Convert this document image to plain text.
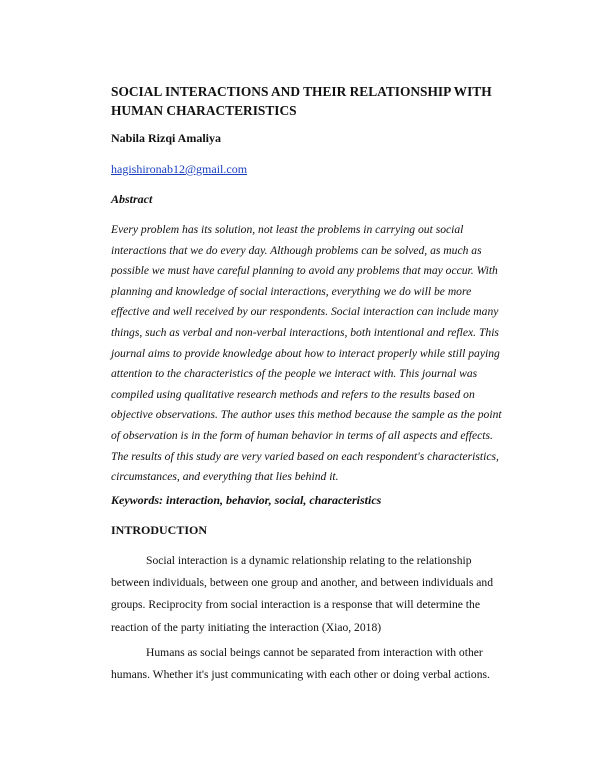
SOCIAL INTERACTIONS AND THEIR RELATIONSHIP WITH HUMAN CHARACTERISTICS

Nabila Rizqi Amaliya

hagishironab12@gmail.com
Abstract

Every problem has its solution, not least the problems in carrying out social interactions that we do every day. Although problems can be solved, as much as possible we must have careful planning to avoid any problems that may occur. With planning and knowledge of social interactions, everything we do will be more effective and well received by our respondents. Social interaction can include many things, such as verbal and non-verbal interactions, both intentional and reflex. This journal aims to provide knowledge about how to interact properly while still paying attention to the characteristics of the people we interact with. This journal was compiled using qualitative research methods and refers to the results based on objective observations. The author uses this method because the sample as the point of observation is in the form of human behavior in terms of all aspects and effects. The results of this study are very varied based on each respondent's characteristics, circumstances, and everything that lies behind it.

Keywords: interaction, behavior, social, characteristics

INTRODUCTION

Social interaction is a dynamic relationship relating to the relationship between individuals, between one group and another, and between individuals and groups. Reciprocity from social interaction is a response that will determine the reaction of the party initiating the interaction (Xiao, 2018)

Humans as social beings cannot be separated from interaction with other humans. Whether it's just communicating with each other or doing verbal actions.
